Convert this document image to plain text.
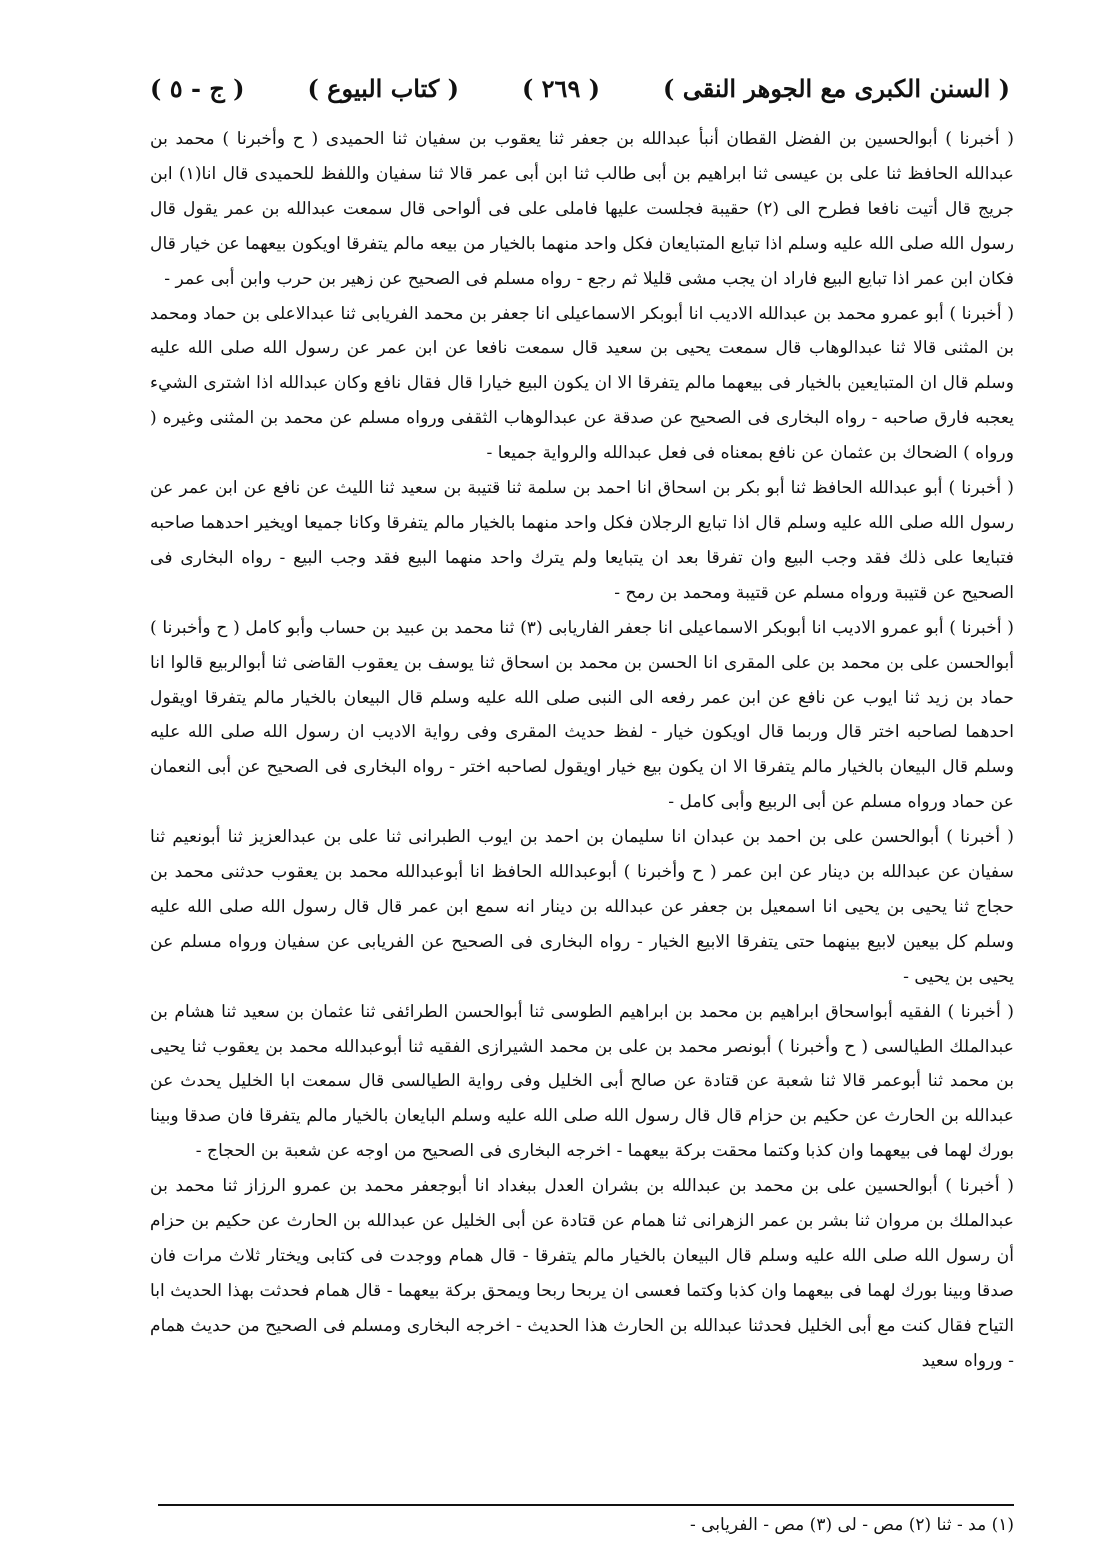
( السنن الكبرى مع الجوهر النقى )
( ٢٦٩ )
( كتاب البيوع )
( ج - ٥ )

( أخبرنا ) أبوالحسين بن الفضل القطان أنبأ عبدالله بن جعفر ثنا يعقوب بن سفيان ثنا الحميدى ( ح وأخبرنا ) محمد بن عبدالله الحافظ ثنا على بن عيسى ثنا ابراهيم بن أبى طالب ثنا ابن أبى عمر قالا ثنا سفيان واللفظ للحميدى قال انا(١) ابن جريج قال أتيت نافعا فطرح الى (٢) حقيبة فجلست عليها فاملى على فى ألواحى قال سمعت عبدالله بن عمر يقول قال رسول الله صلى الله عليه وسلم اذا تبايع المتبايعان فكل واحد منهما بالخيار من بيعه مالم يتفرقا اويكون بيعهما عن خيار قال فكان ابن عمر اذا تبايع البيع فاراد ان يجب مشى قليلا ثم رجع - رواه مسلم فى الصحيح عن زهير بن حرب وابن أبى عمر -

( أخبرنا ) أبو عمرو محمد بن عبدالله الاديب انا أبوبكر الاسماعيلى انا جعفر بن محمد الفريابى ثنا عبدالاعلى بن حماد ومحمد بن المثنى قالا ثنا عبدالوهاب قال سمعت يحيى بن سعيد قال سمعت نافعا عن ابن عمر عن رسول الله صلى الله عليه وسلم قال ان المتبايعين بالخيار فى بيعهما مالم يتفرقا الا ان يكون البيع خيارا قال فقال نافع وكان عبدالله اذا اشترى الشيء يعجبه فارق صاحبه - رواه البخارى فى الصحيح عن صدقة عن عبدالوهاب الثقفى ورواه مسلم عن محمد بن المثنى وغيره ( ورواه ) الضحاك بن عثمان عن نافع بمعناه فى فعل عبدالله والرواية جميعا -

( أخبرنا ) أبو عبدالله الحافظ ثنا أبو بكر بن اسحاق انا احمد بن سلمة ثنا قتيبة بن سعيد ثنا الليث عن نافع عن ابن عمر عن رسول الله صلى الله عليه وسلم قال اذا تبايع الرجلان فكل واحد منهما بالخيار مالم يتفرقا وكانا جميعا اويخير احدهما صاحبه فتبايعا على ذلك فقد وجب البيع وان تفرقا بعد ان يتبايعا ولم يترك واحد منهما البيع فقد وجب البيع - رواه البخارى فى الصحيح عن قتيبة ورواه مسلم عن قتيبة ومحمد بن رمح -

( أخبرنا ) أبو عمرو الاديب انا أبوبكر الاسماعيلى انا جعفر الفاريابى (٣) ثنا محمد بن عبيد بن حساب وأبو كامل ( ح وأخبرنا ) أبوالحسن على بن محمد بن على المقرى انا الحسن بن محمد بن اسحاق ثنا يوسف بن يعقوب القاضى ثنا أبوالربيع قالوا انا حماد بن زيد ثنا ايوب عن نافع عن ابن عمر رفعه الى النبى صلى الله عليه وسلم قال البيعان بالخيار مالم يتفرقا اويقول احدهما لصاحبه اختر قال وربما قال اويكون خيار - لفظ حديث المقرى وفى رواية الاديب ان رسول الله صلى الله عليه وسلم قال البيعان بالخيار مالم يتفرقا الا ان يكون بيع خيار اويقول لصاحبه اختر - رواه البخارى فى الصحيح عن أبى النعمان عن حماد ورواه مسلم عن أبى الربيع وأبى كامل -

( أخبرنا ) أبوالحسن على بن احمد بن عبدان انا سليمان بن احمد بن ايوب الطبرانى ثنا على بن عبدالعزيز ثنا أبونعيم ثنا سفيان عن عبدالله بن دينار عن ابن عمر ( ح وأخبرنا ) أبوعبدالله الحافظ انا أبوعبدالله محمد بن يعقوب حدثنى محمد بن حجاج ثنا يحيى بن يحيى انا اسمعيل بن جعفر عن عبدالله بن دينار انه سمع ابن عمر قال قال رسول الله صلى الله عليه وسلم كل بيعين لابيع بينهما حتى يتفرقا الابيع الخيار - رواه البخارى فى الصحيح عن الفريابى عن سفيان ورواه مسلم عن يحيى بن يحيى -

( أخبرنا ) الفقيه أبواسحاق ابراهيم بن محمد بن ابراهيم الطوسى ثنا أبوالحسن الطرائفى ثنا عثمان بن سعيد ثنا هشام بن عبدالملك الطيالسى ( ح وأخبرنا ) أبونصر محمد بن على بن محمد الشيرازى الفقيه ثنا أبوعبدالله محمد بن يعقوب ثنا يحيى بن محمد ثنا أبوعمر قالا ثنا شعبة عن قتادة عن صالح أبى الخليل وفى رواية الطيالسى قال سمعت ابا الخليل يحدث عن عبدالله بن الحارث عن حكيم بن حزام قال قال رسول الله صلى الله عليه وسلم البايعان بالخيار مالم يتفرقا فان صدقا وبينا بورك لهما فى بيعهما وان كذبا وكتما محقت بركة بيعهما - اخرجه البخارى فى الصحيح من اوجه عن شعبة بن الحجاج -

( أخبرنا ) أبوالحسين على بن محمد بن عبدالله بن بشران العدل ببغداد انا أبوجعفر محمد بن عمرو الرزاز ثنا محمد بن عبدالملك بن مروان ثنا بشر بن عمر الزهرانى ثنا همام عن قتادة عن أبى الخليل عن عبدالله بن الحارث عن حكيم بن حزام أن رسول الله صلى الله عليه وسلم قال البيعان بالخيار مالم يتفرقا - قال همام ووجدت فى كتابى ويختار ثلاث مرات فان صدقا وبينا بورك لهما فى بيعهما وان كذبا وكتما فعسى ان يربحا ربحا ويمحق بركة بيعهما - قال همام فحدثت بهذا الحديث ابا التياح فقال كنت مع أبى الخليل فحدثنا عبدالله بن الحارث هذا الحديث - اخرجه البخارى ومسلم فى الصحيح من حديث همام - ورواه سعيد

(١) مد - ثنا (٢) مص - لى (٣) مص - الفريابى -
